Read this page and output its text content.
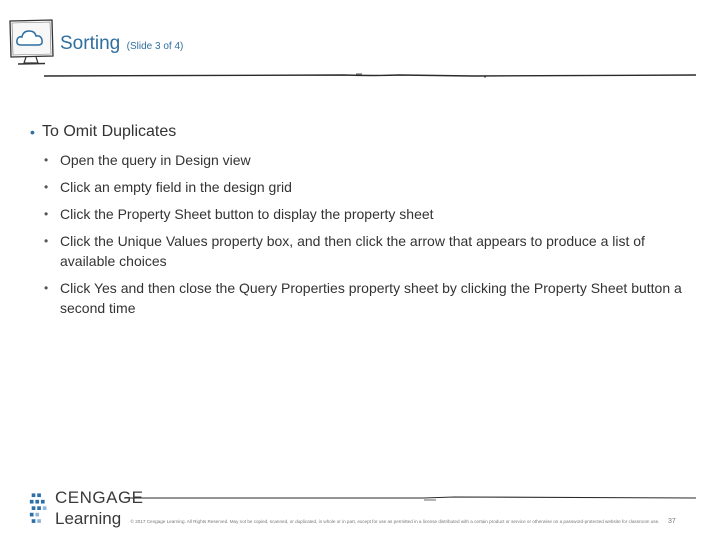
Sorting (Slide 3 of 4)
• To Omit Duplicates
• Open the query in Design view
• Click an empty field in the design grid
• Click the Property Sheet button to display the property sheet
• Click the Unique Values property box, and then click the arrow that appears to produce a list of available choices
• Click Yes and then close the Query Properties property sheet by clicking the Property Sheet button a second time
CENGAGE
Learning	© 2017 Cengage Learning. All Rights Reserved. May not be copied, scanned, or duplicated, in whole or in part, except for use as permitted in a license distributed with a certain product or service or otherwise on a password-protected website for classroom use.	37
